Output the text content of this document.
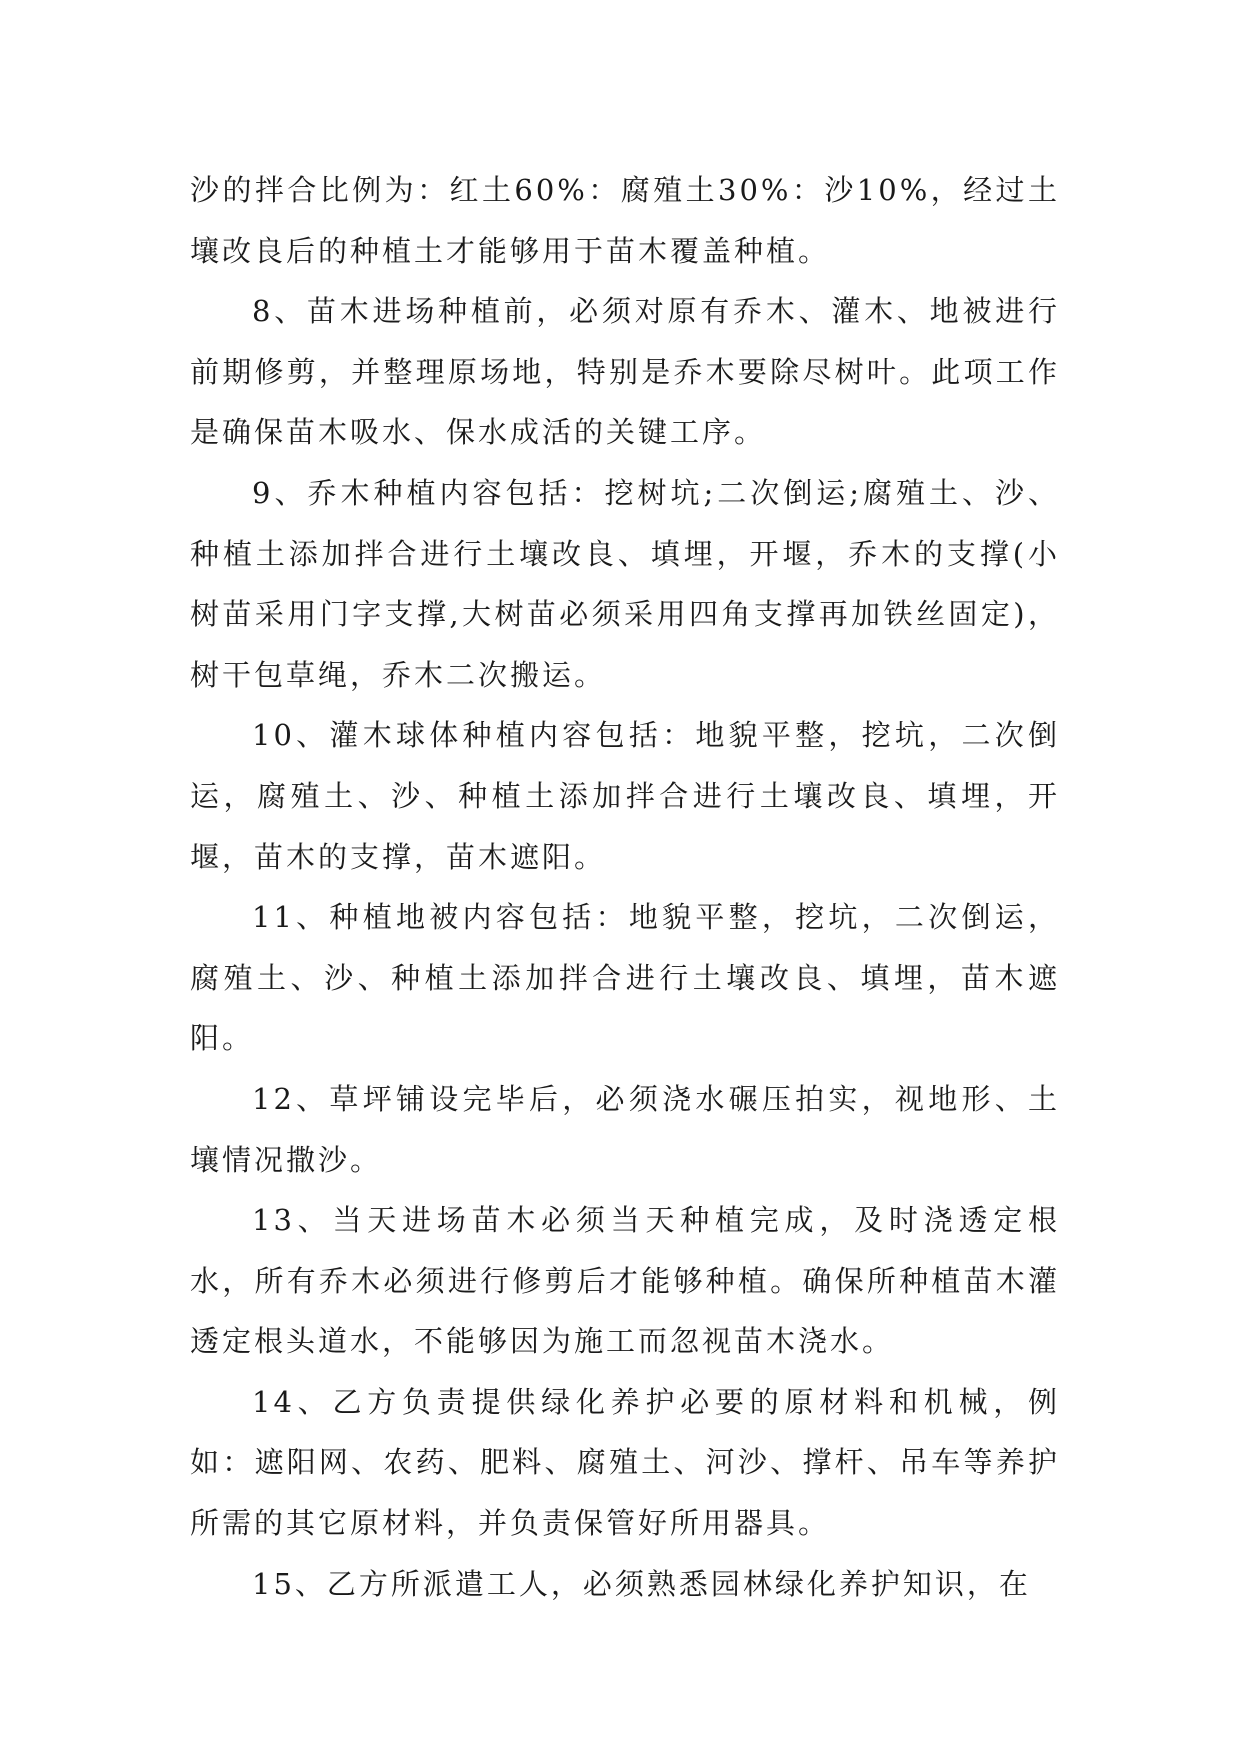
沙的拌合比例为：红土60%：腐殖土30%：沙10%，经过土壤改良后的种植土才能够用于苗木覆盖种植。

8、苗木进场种植前，必须对原有乔木、灌木、地被进行前期修剪，并整理原场地，特别是乔木要除尽树叶。此项工作是确保苗木吸水、保水成活的关键工序。

9、乔木种植内容包括：挖树坑;二次倒运;腐殖土、沙、种植土添加拌合进行土壤改良、填埋，开堰，乔木的支撑(小树苗采用门字支撑,大树苗必须采用四角支撑再加铁丝固定)，树干包草绳，乔木二次搬运。

10、灌木球体种植内容包括：地貌平整，挖坑，二次倒运，腐殖土、沙、种植土添加拌合进行土壤改良、填埋，开堰，苗木的支撑，苗木遮阳。

11、种植地被内容包括：地貌平整，挖坑，二次倒运，腐殖土、沙、种植土添加拌合进行土壤改良、填埋，苗木遮阳。

12、草坪铺设完毕后，必须浇水碾压拍实，视地形、土壤情况撒沙。

13、当天进场苗木必须当天种植完成，及时浇透定根水，所有乔木必须进行修剪后才能够种植。确保所种植苗木灌透定根头道水，不能够因为施工而忽视苗木浇水。

14、乙方负责提供绿化养护必要的原材料和机械，例如：遮阳网、农药、肥料、腐殖土、河沙、撑杆、吊车等养护所需的其它原材料，并负责保管好所用器具。

15、乙方所派遣工人，必须熟悉园林绿化养护知识，在
